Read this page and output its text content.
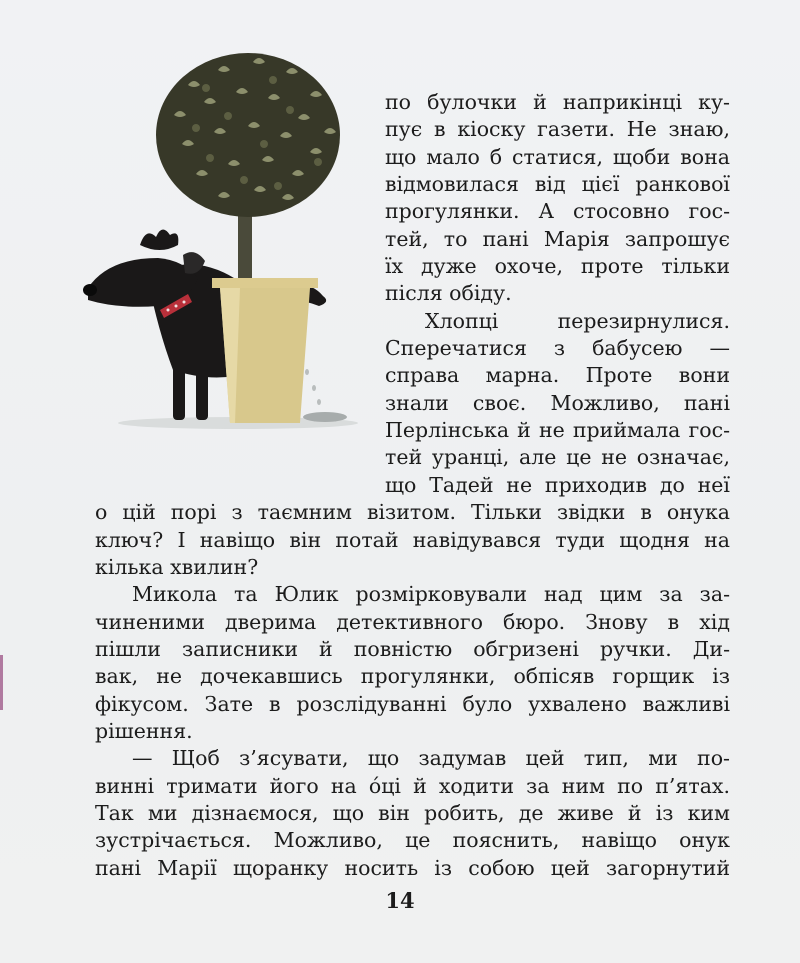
по булочки й наприкінці ку-

пує в кіоску газети. Не знаю,

що мало б статися, щоби вона

відмовилася від цієї ранкової

прогулянки. А стосовно гос-

тей, то пані Марія запрошує

їх дуже охоче, проте тільки

після обіду.

Хлопці перезирнулися.

Сперечатися з бабусею —

справа марна. Проте вони

знали своє. Можливо, пані

Перлінська й не приймала гос-

тей уранці, але це не означає,

що Тадей не приходив до неї

о цій порі з таємним візитом. Тільки звідки в онука

ключ? І навіщо він потай навідувався туди щодня на

кілька хвилин?

Микола та Юлик розмірковували над цим за за-

чиненими дверима детективного бюро. Знову в хід

пішли записники й повністю обгризені ручки. Ди-

вак, не дочекавшись прогулянки, обпісяв горщик із

фікусом. Зате в розслідуванні було ухвалено важливі

рішення.

— Щоб з’ясувати, що задумав цей тип, ми по-

винні тримати його на óці й ходити за ним по п’ятах.

Так ми дізнаємося, що він робить, де живе й із ким

зустрічається. Можливо, це пояснить, навіщо онук

пані Марії щоранку носить із собою цей загорнутий

14
